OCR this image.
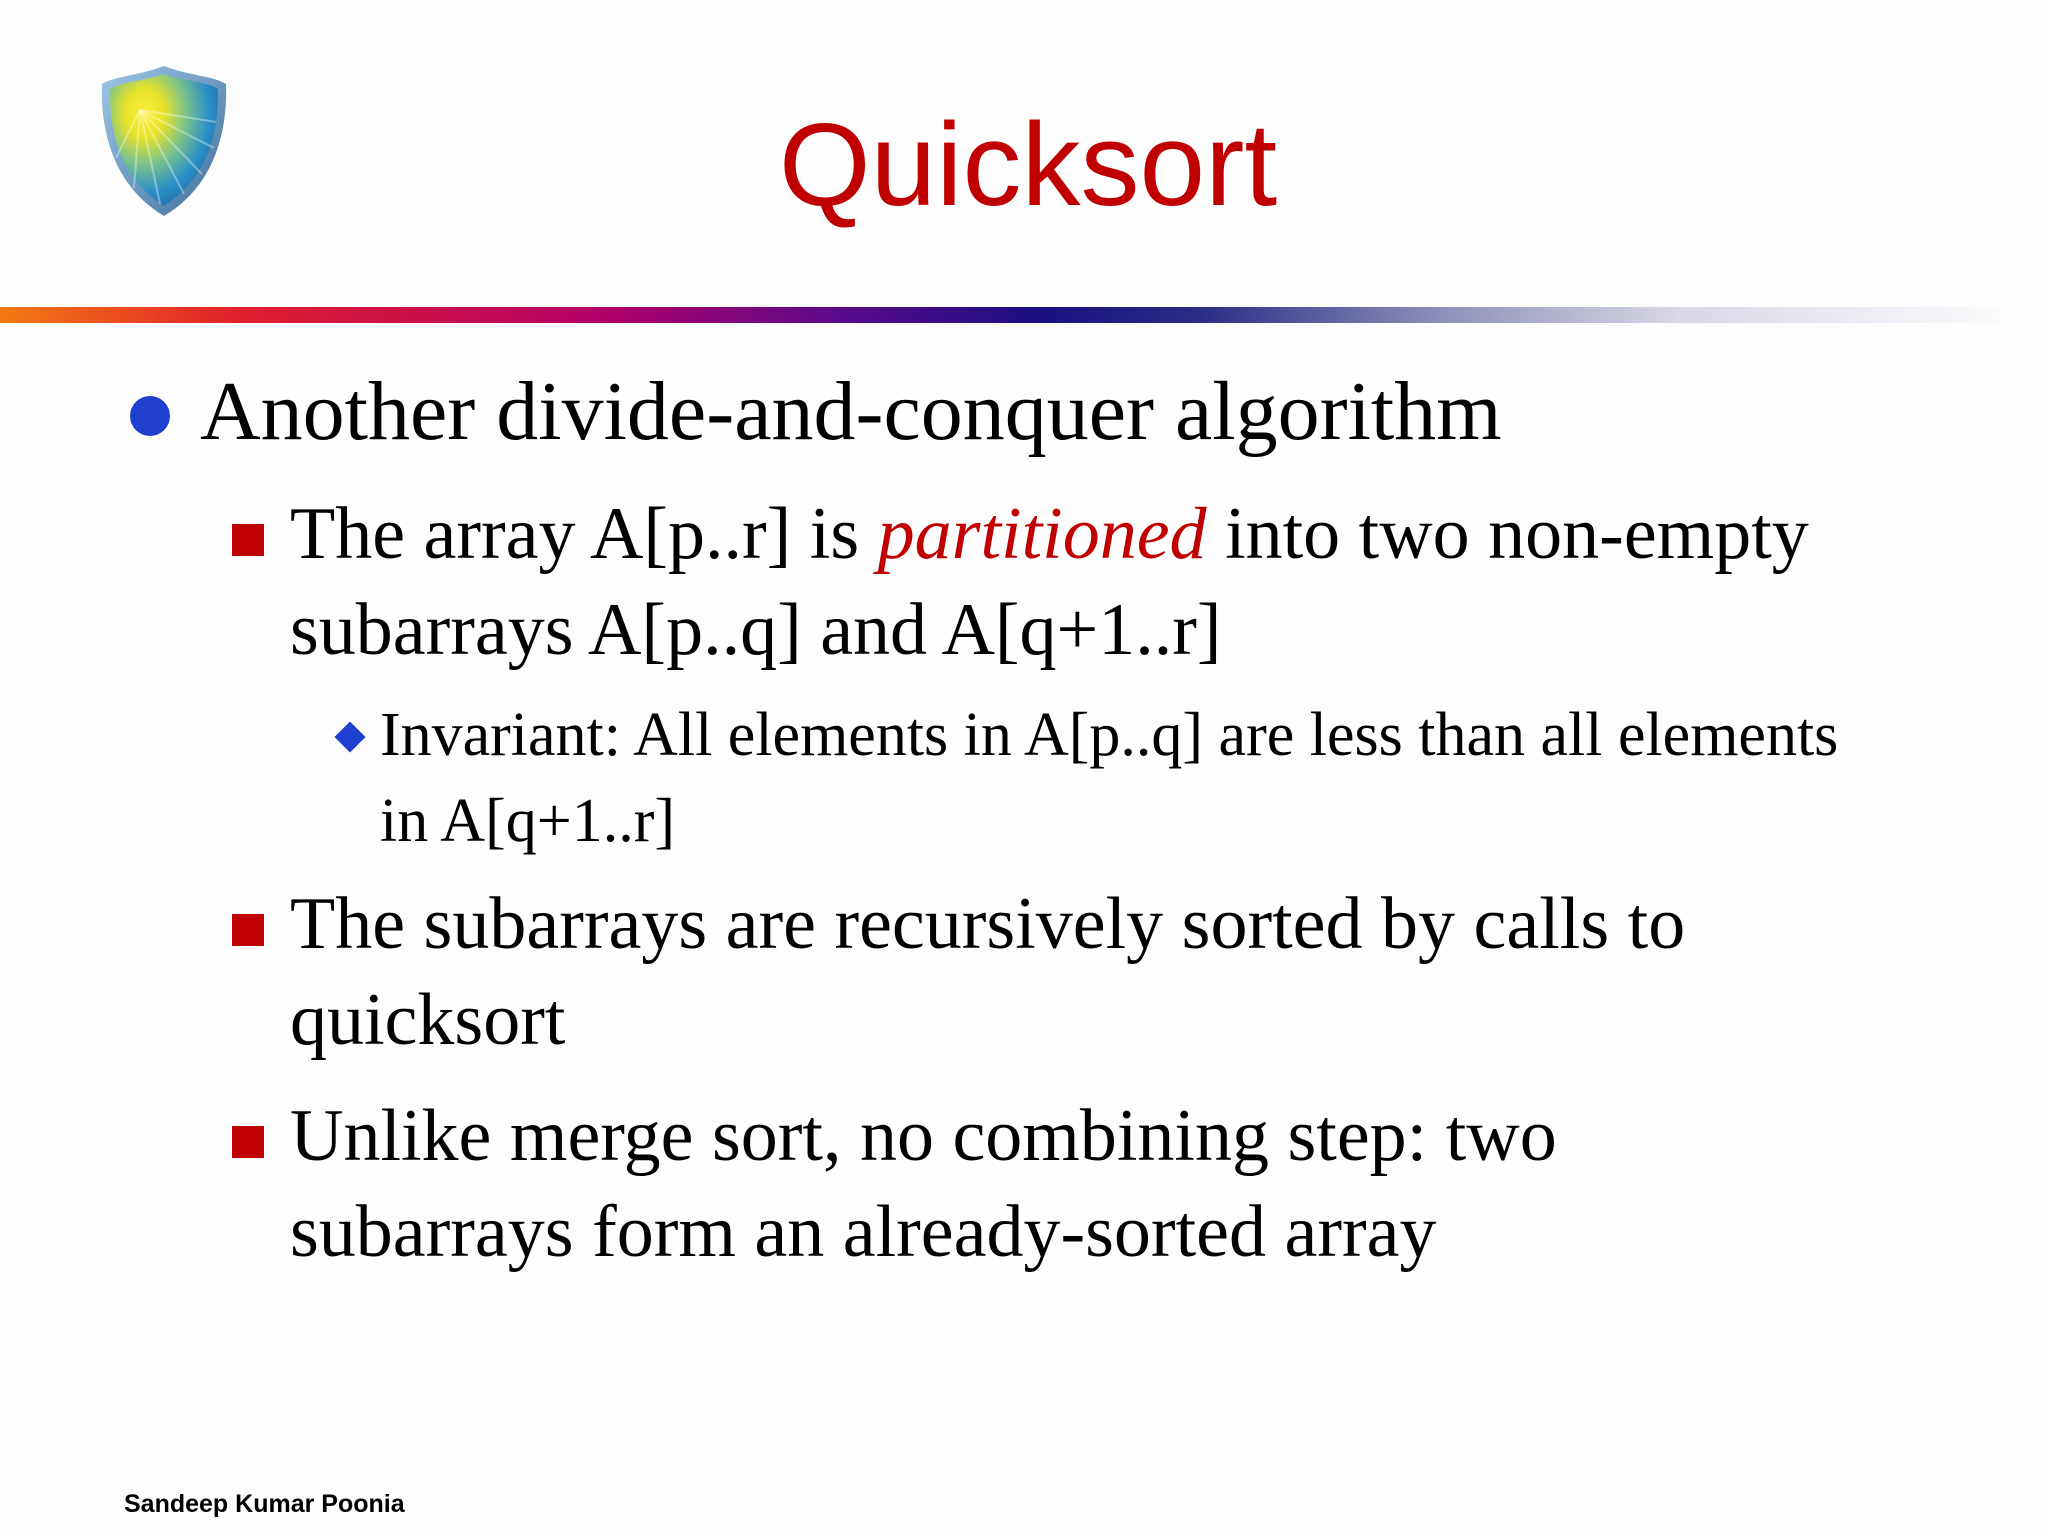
Quicksort
Another divide-and-conquer algorithm
The array A[p..r] is partitioned into two non-empty subarrays A[p..q] and A[q+1..r]
Invariant: All elements in A[p..q] are less than all elements in A[q+1..r]
The subarrays are recursively sorted by calls to quicksort
Unlike merge sort, no combining step: two subarrays form an already-sorted array
Sandeep Kumar Poonia
